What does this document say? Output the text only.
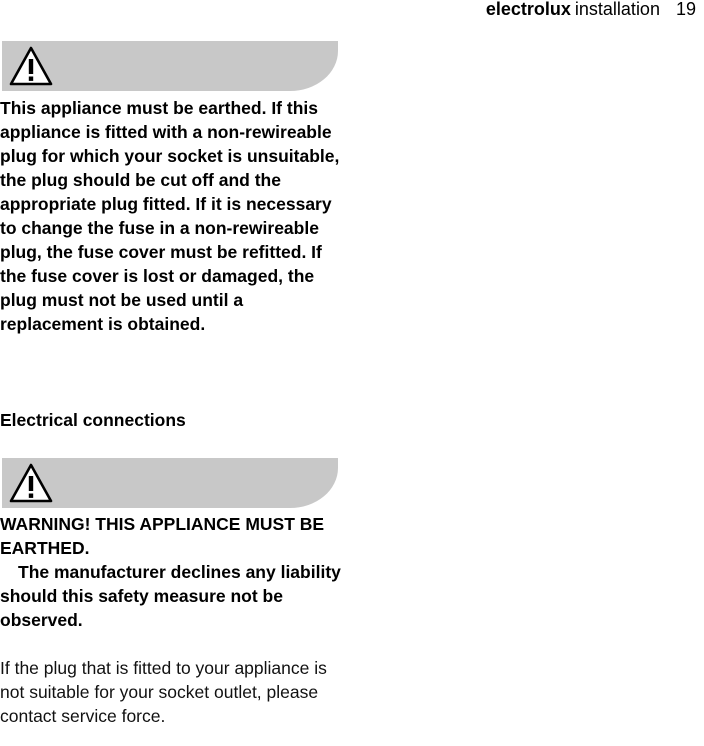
electrolux installation 19

This appliance must be earthed. If this appliance is fitted with a non-rewireable plug for which your socket is unsuitable, the plug should be cut off and the appropriate plug fitted. If it is necessary to change the fuse in a non-rewireable plug, the fuse cover must be refitted. If the fuse cover is lost or damaged, the plug must not be used until a replacement is obtained.

Electrical connections

WARNING! THIS APPLIANCE MUST BE EARTHED.
The manufacturer declines any liability should this safety measure not be observed.

If the plug that is fitted to your appliance is not suitable for your socket outlet, please contact service force.
